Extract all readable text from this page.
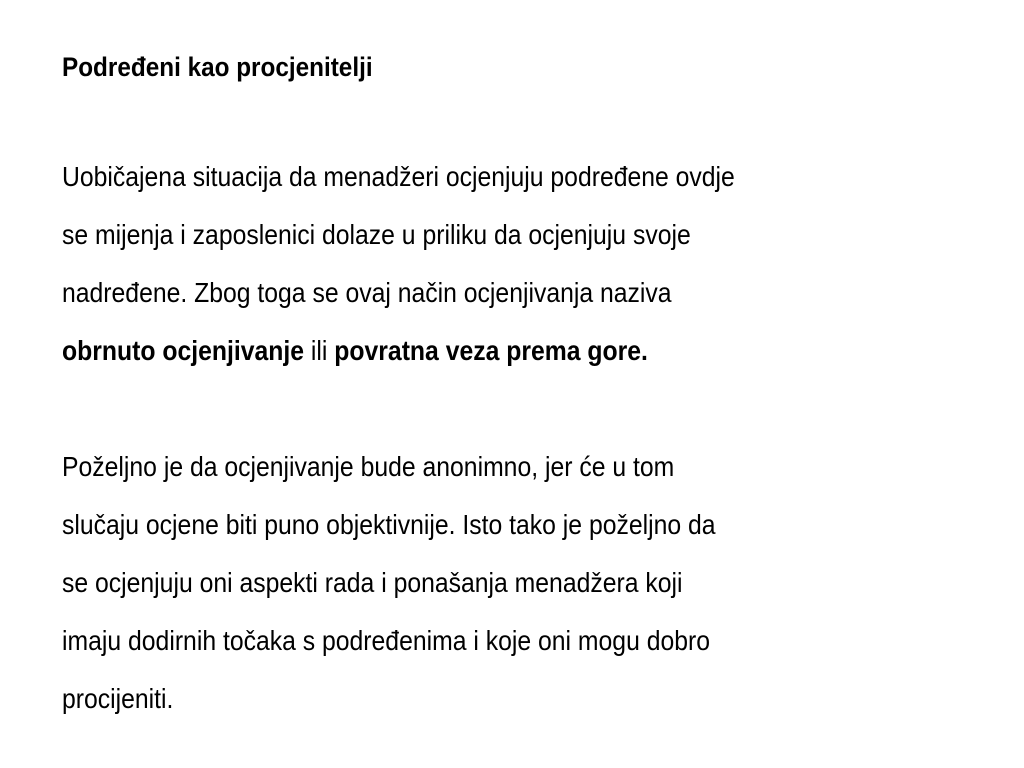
Podređeni kao procjenitelji
Uobičajena situacija da menadžeri ocjenjuju podređene ovdje
se mijenja i zaposlenici dolaze u priliku da ocjenjuju svoje
nadređene. Zbog toga se ovaj način ocjenjivanja naziva
obrnuto ocjenjivanje ili povratna veza prema gore.
Poželjno je da ocjenjivanje bude anonimno, jer će u tom
slučaju ocjene biti puno objektivnije. Isto tako je poželjno da
se ocjenjuju oni aspekti rada i ponašanja menadžera koji
imaju dodirnih točaka s podređenima i koje oni mogu dobro
procijeniti.
